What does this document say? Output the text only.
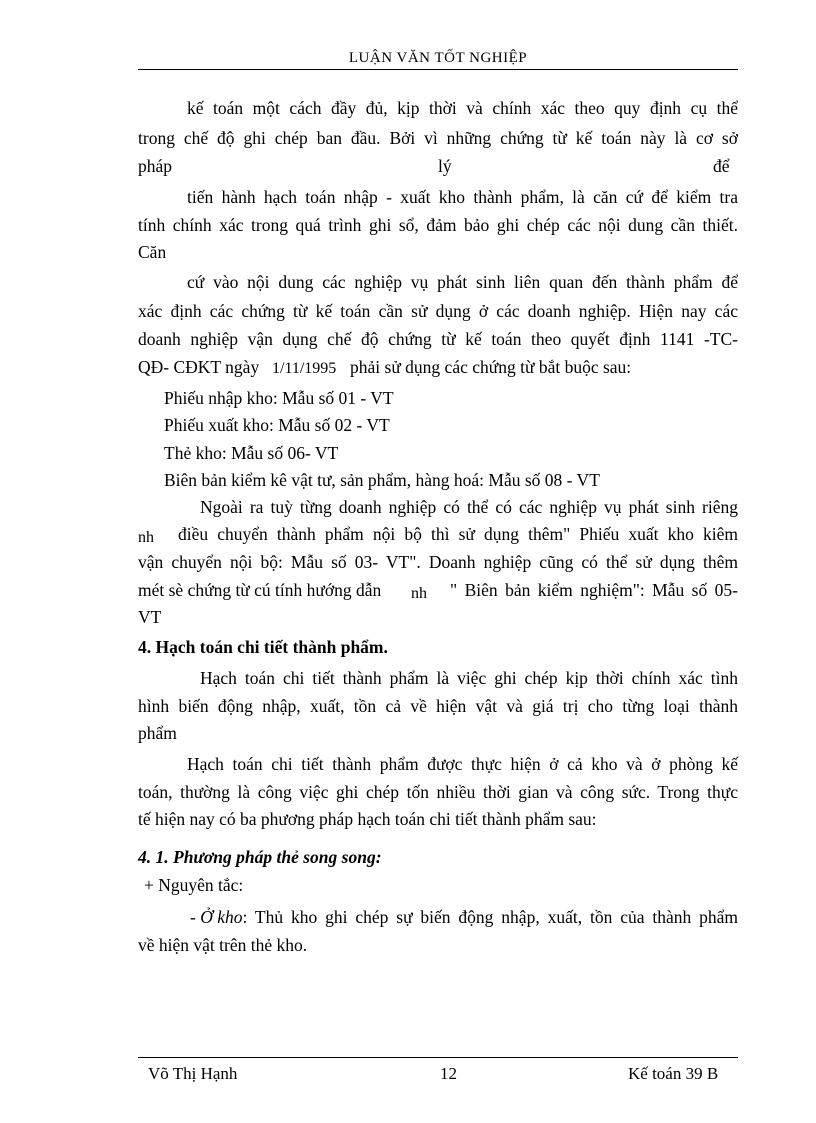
LUẬN VĂN TỐT NGHIỆP
kế toán một cách đầy đủ, kịp thời và chính xác theo quy định cụ thể
trong chế độ ghi chép ban đầu. Bởi vì những chứng từ kế toán này là cơ sở
pháp	lý	để
tiến hành hạch toán nhập - xuất kho thành phẩm, là căn cứ để kiểm tra
tính chính xác trong quá trình ghi sổ, đảm bảo ghi chép các nội dung cần thiết.
Căn
cứ vào nội dung các nghiệp vụ phát sinh liên quan đến thành phẩm để
xác định các chứng từ kế toán cần sử dụng ở các doanh nghiệp. Hiện nay các
doanh nghiệp vận dụng chế độ chứng từ kế toán theo quyết định 1141 -TC-
QĐ- CĐKT ngày 1/11/1995 phải sử dụng các chứng từ bắt buộc sau:
Phiếu nhập kho: Mẫu số 01 - VT
Phiếu xuất kho: Mẫu số 02 - VT
Thẻ kho: Mẫu số 06- VT
Biên bản kiểm kê vật tư, sản phẩm, hàng hoá: Mẫu số 08 - VT
Ngoài ra tuỳ từng doanh nghiệp có thể có các nghiệp vụ phát sinh riêng
nh điều chuyển thành phẩm nội bộ thì sử dụng thêm" Phiếu xuất kho kiêm
vận chuyển nội bộ: Mẫu số 03- VT". Doanh nghiệp cũng có thể sử dụng thêm
mét sè chứng từ cú tính hướng dẫn nh " Biên bản kiểm nghiệm": Mẫu số 05-
VT
4. Hạch toán chi tiết thành phẩm.
Hạch toán chi tiết thành phẩm là việc ghi chép kịp thời chính xác tình
hình biến động nhập, xuất, tồn cả về hiện vật và giá trị cho từng loại thành
phẩm
Hạch toán chi tiết thành phẩm được thực hiện ở cả kho và ở phòng kế
toán, thường là công việc ghi chép tốn nhiều thời gian và công sức. Trong thực
tế hiện nay có ba phương pháp hạch toán chi tiết thành phẩm sau:
4. 1. Phương pháp thẻ song song:
+ Nguyên tắc:
- Ở kho : Thủ kho ghi chép sự biến động nhập, xuất, tồn của thành phẩm
về hiện vật trên thẻ kho.
Võ Thị Hạnh	12	Kế toán 39 B
